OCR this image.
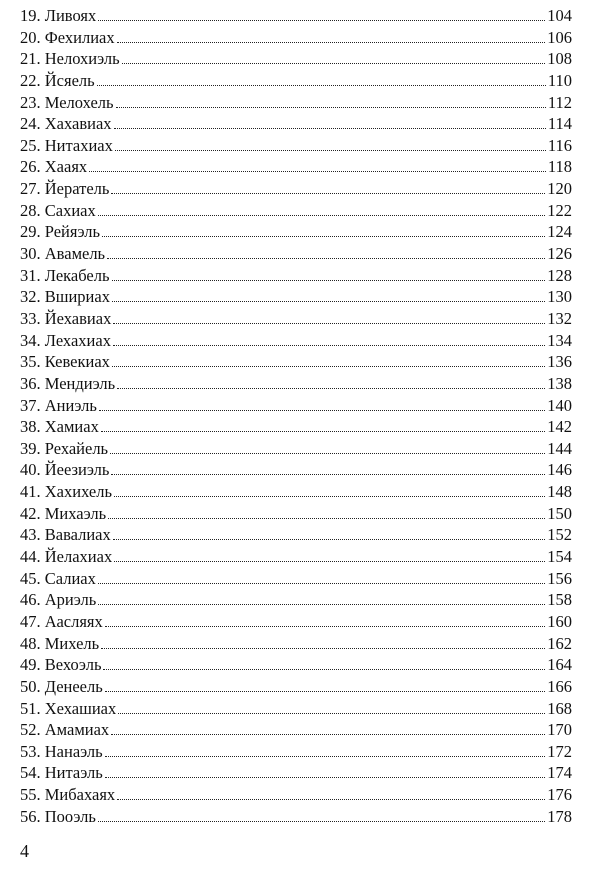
19. Ливоях	104
20. Фехилиах	106
21. Нелохиэль	108
22. Йсяель	110
23. Мелохель	112
24. Хахавиах	114
25. Нитахиах	116
26. Хааях	118
27. Йератель	120
28. Сахиах	122
29. Рейяэль	124
30. Авамель	126
31. Лекабель	128
32. Вшириах	130
33. Йехавиах	132
34. Лехахиах	134
35. Кевекиах	136
36. Мендиэль	138
37. Аниэль	140
38. Хамиах	142
39. Рехайель	144
40. Йеезиэль	146
41. Хахихель	148
42. Михаэль	150
43. Вавалиах	152
44. Йелахиах	154
45. Салиах	156
46. Ариэль	158
47. Аасляях	160
48. Михель	162
49. Вехоэль	164
50. Денеель	166
51. Хехашиах	168
52. Амамиах	170
53. Нанаэль	172
54. Нитаэль	174
55. Мибахаях	176
56. Пооэль	178
4
